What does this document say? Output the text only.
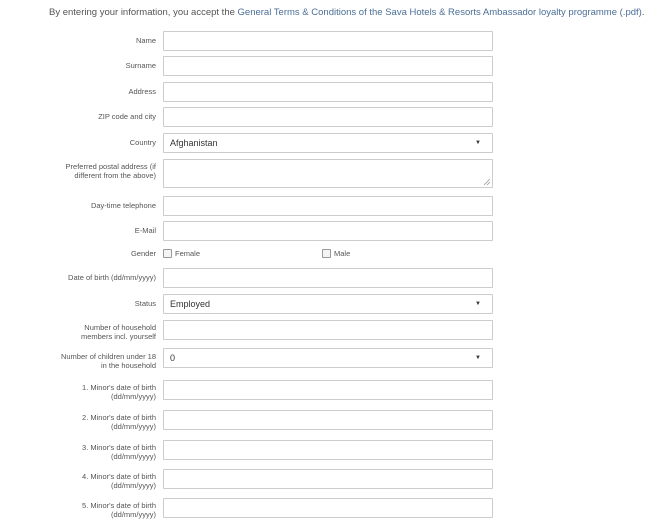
By entering your information, you accept the General Terms & Conditions of the Sava Hotels & Resorts Ambassador loyalty programme (.pdf).
Name
Surname
Address
ZIP code and city
Country	Afghanistan	▼
Preferred postal address (if
different from the above)
Day-time telephone
E-Mail
Gender	Female	Male
Date of birth (dd/mm/yyyy)
Status	Employed	▼
Number of household
members incl. yourself
Number of children under 18
in the household
0	▼
1. Minor's date of birth
(dd/mm/yyyy)
2. Minor's date of birth
(dd/mm/yyyy)
3. Minor's date of birth
(dd/mm/yyyy)
4. Minor's date of birth
(dd/mm/yyyy)
5. Minor's date of birth
(dd/mm/yyyy)
